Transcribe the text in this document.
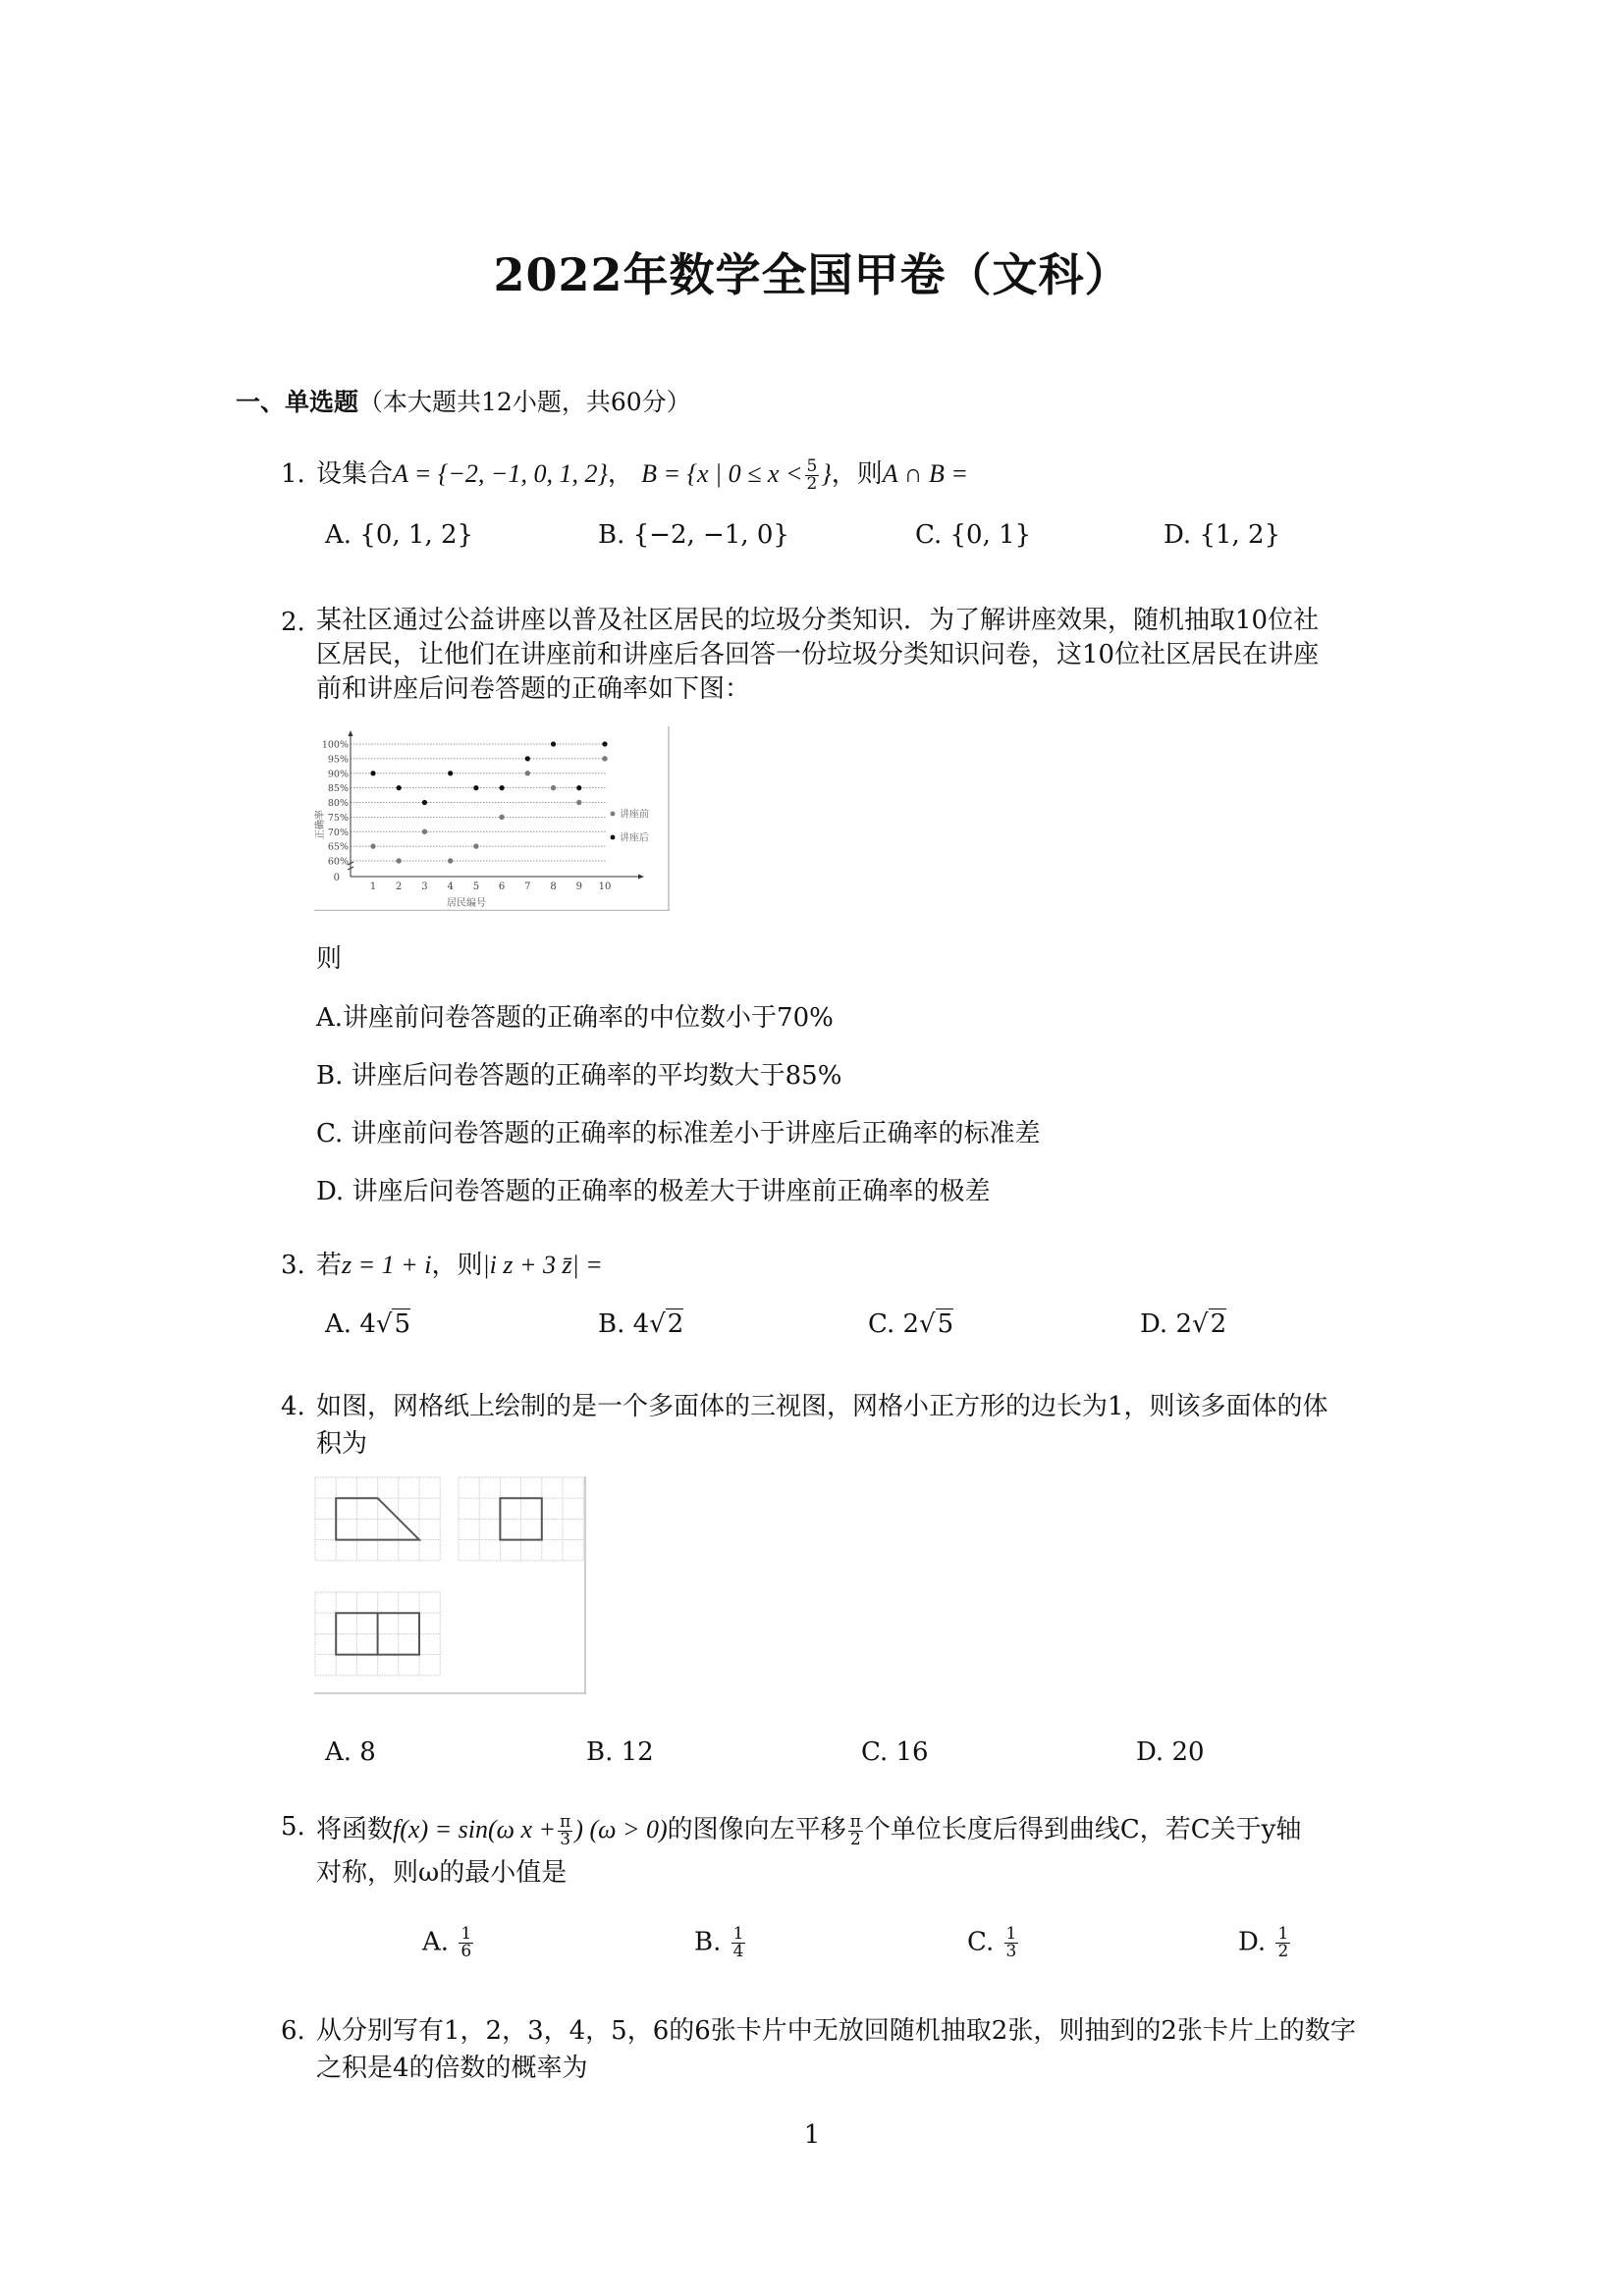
2022年数学全国甲卷（文科）
一、单选题（本大题共12小题，共60分）
1. 设集合A = {−2, −1, 0, 1, 2}， B = {x | $0 \le x < \frac{5}{2}$ }，则A ∩ B =
A. {0, 1, 2}	B. {−2, −1, 0}	C. {0, 1}	D. {1, 2}
2. 某社区通过公益讲座以普及社区居民的垃圾分类知识．为了解讲座效果，随机抽取10位社
区居民，让他们在讲座前和讲座后各回答一份垃圾分类知识问卷，这10位社区居民在讲座
前和讲座后问卷答题的正确率如下图：
100%
95%
90%
85%
80%
75%
70%
65%
60%
1 2 3 4 5 6 7 8 9 10
讲座前
讲座后
居民编号
正确率
0
则
A.讲座前问卷答题的正确率的中位数小于70%
B. 讲座后问卷答题的正确率的平均数大于85%
C. 讲座前问卷答题的正确率的标准差小于讲座后正确率的标准差
D. 讲座后问卷答题的正确率的极差大于讲座前正确率的极差
3. 若z = 1 + i，则|i z + 3 z̄| =
A. 4√5	B. 4√2	C. 2√5	D. 2√2
4. 如图，网格纸上绘制的是一个多面体的三视图，网格小正方形的边长为1，则该多面体的体
积为
A. 8	B. 12	C. 16	D. 20
5. 将函数f(x) = sin(ω $x + \frac{\pi}{3}$ ) (ω > 0)的图像向左平移 $\frac{\pi}{2}$ 个单位长度后得到曲线C，若C关于y轴
对称，则ω的最小值是
A. $\frac{1}{6}$	B. $\frac{1}{4}$	C. $\frac{1}{3}$	D. $\frac{1}{2}$
6. 从分别写有1，2，3，4，5，6的6张卡片中无放回随机抽取2张，则抽到的2张卡片上的数字
之积是4的倍数的概率为
1
